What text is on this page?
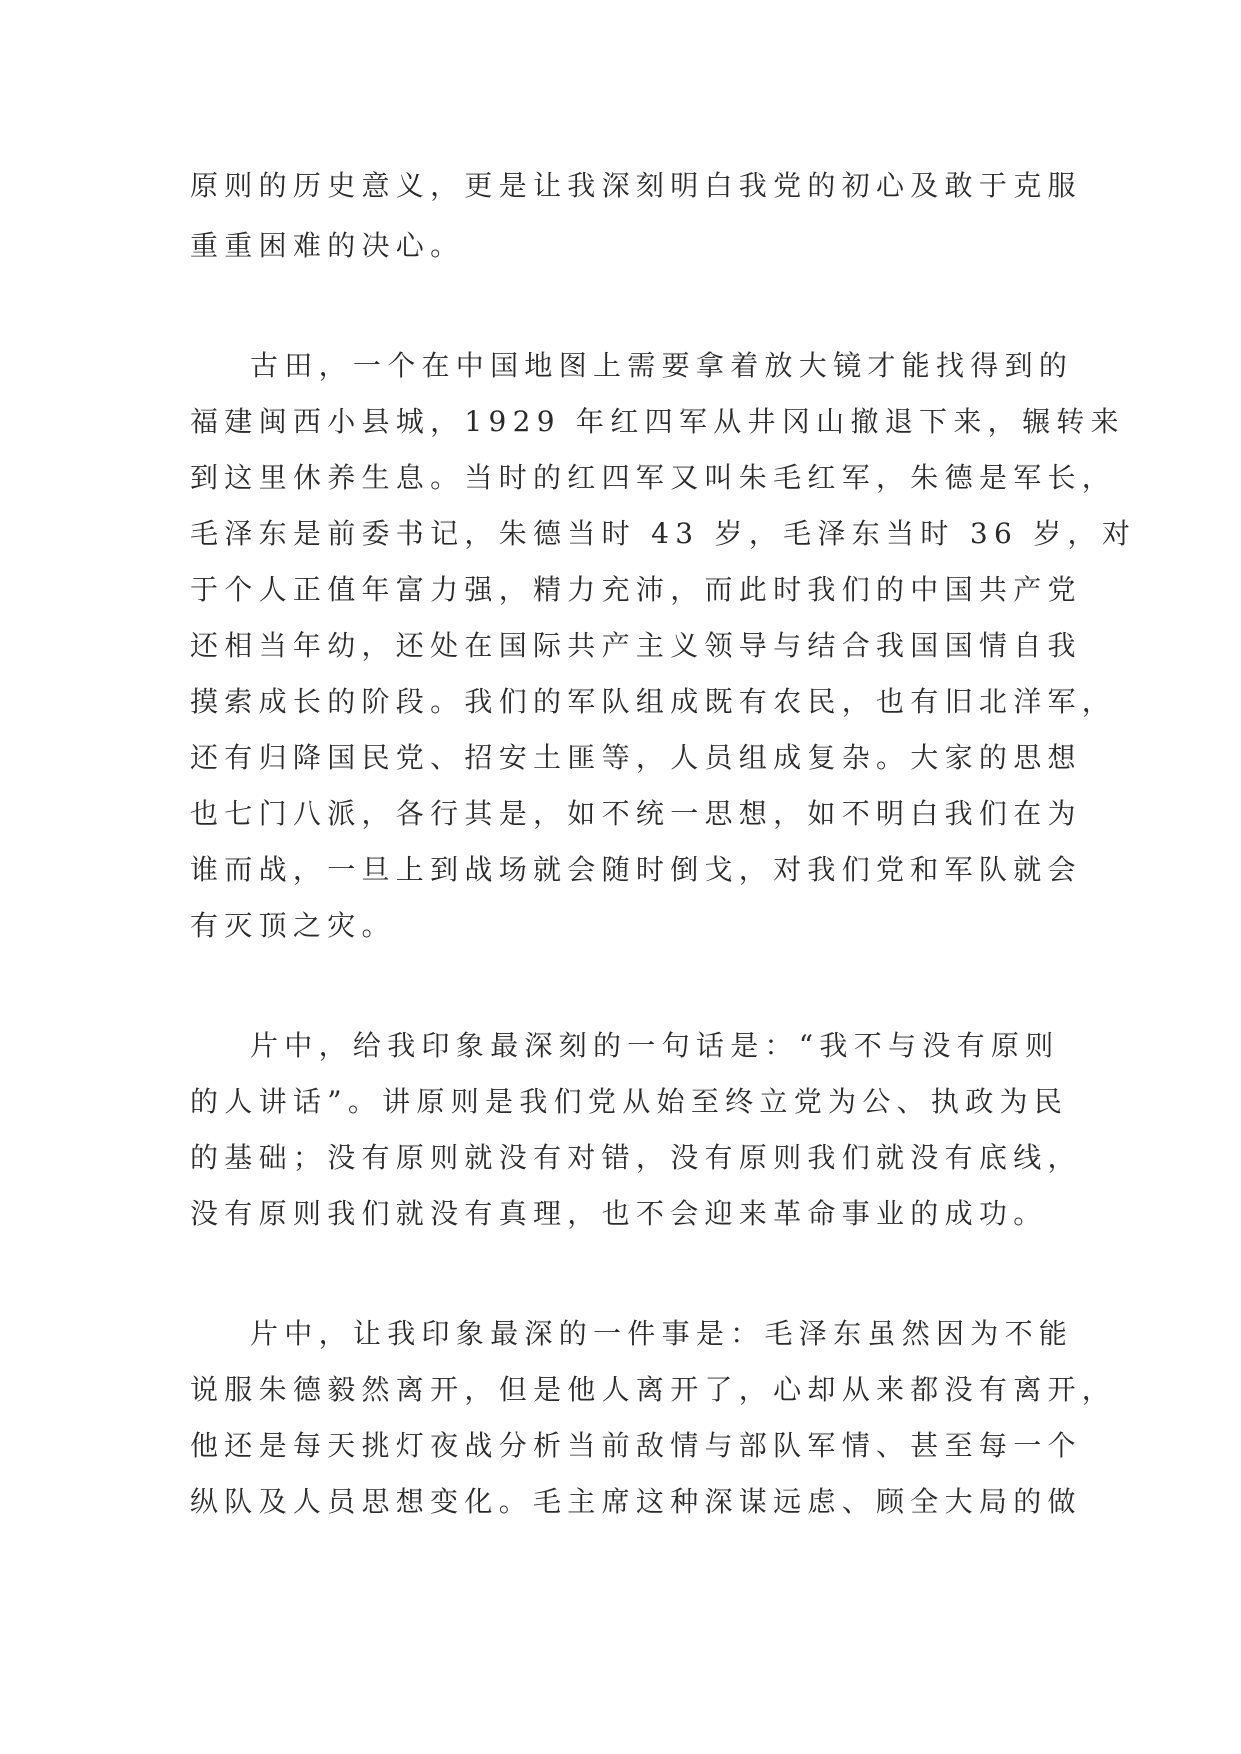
原则的历史意义，更是让我深刻明白我党的初心及敢于克服
重重困难的决心。
古田，一个在中国地图上需要拿着放大镜才能找得到的
福建闽西小县城，1929 年红四军从井冈山撤退下来，辗转来
到这里休养生息。当时的红四军又叫朱毛红军，朱德是军长，
毛泽东是前委书记，朱德当时 43 岁，毛泽东当时 36 岁，对
于个人正值年富力强，精力充沛，而此时我们的中国共产党
还相当年幼，还处在国际共产主义领导与结合我国国情自我
摸索成长的阶段。我们的军队组成既有农民，也有旧北洋军，
还有归降国民党、招安土匪等，人员组成复杂。大家的思想
也七门八派，各行其是，如不统一思想，如不明白我们在为
谁而战，一旦上到战场就会随时倒戈，对我们党和军队就会
有灭顶之灾。
片中，给我印象最深刻的一句话是：“我不与没有原则
的人讲话”。讲原则是我们党从始至终立党为公、执政为民
的基础；没有原则就没有对错，没有原则我们就没有底线，
没有原则我们就没有真理，也不会迎来革命事业的成功。
片中，让我印象最深的一件事是：毛泽东虽然因为不能
说服朱德毅然离开，但是他人离开了，心却从来都没有离开，
他还是每天挑灯夜战分析当前敌情与部队军情、甚至每一个
纵队及人员思想变化。毛主席这种深谋远虑、顾全大局的做
